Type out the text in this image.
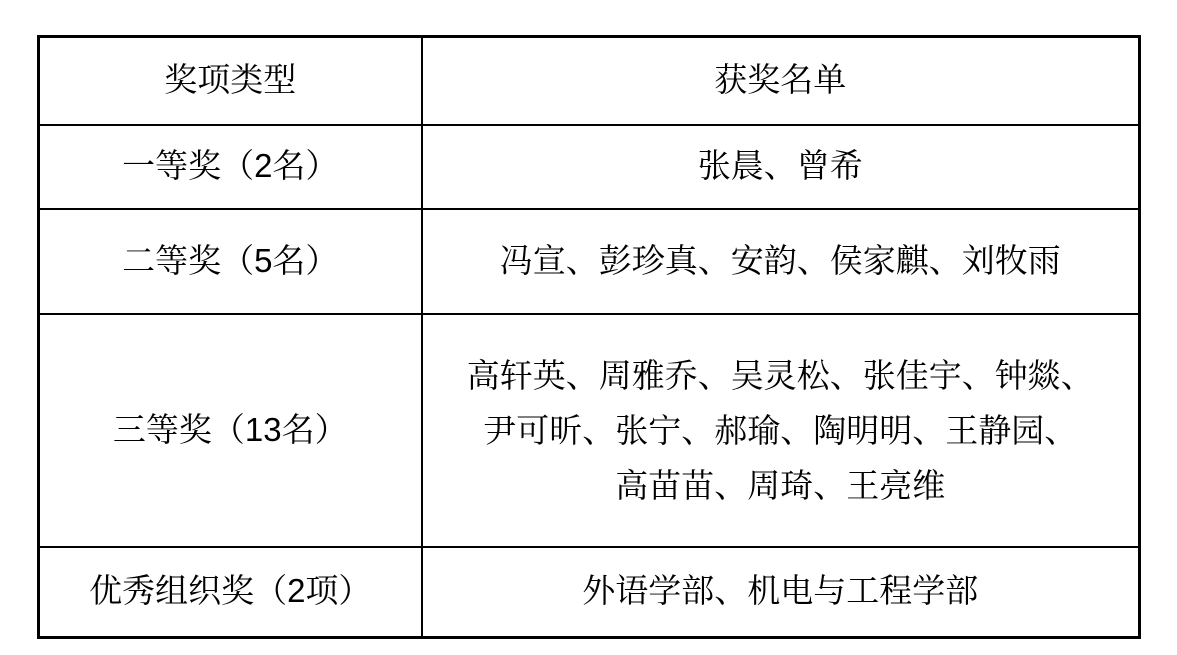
奖项类型	获奖名单
一等奖（2名）	张晨、曾希

二等奖（5名）	冯宣、彭珍真、安韵、侯家麒、刘牧雨

三等奖（13名）	高轩英、周雅乔、吴灵松、张佳宇、钟燚、
尹可昕、张宁、郝瑜、陶明明、王静园、
高苗苗、周琦、王亮维

优秀组织奖（2项）	外语学部、机电与工程学部
